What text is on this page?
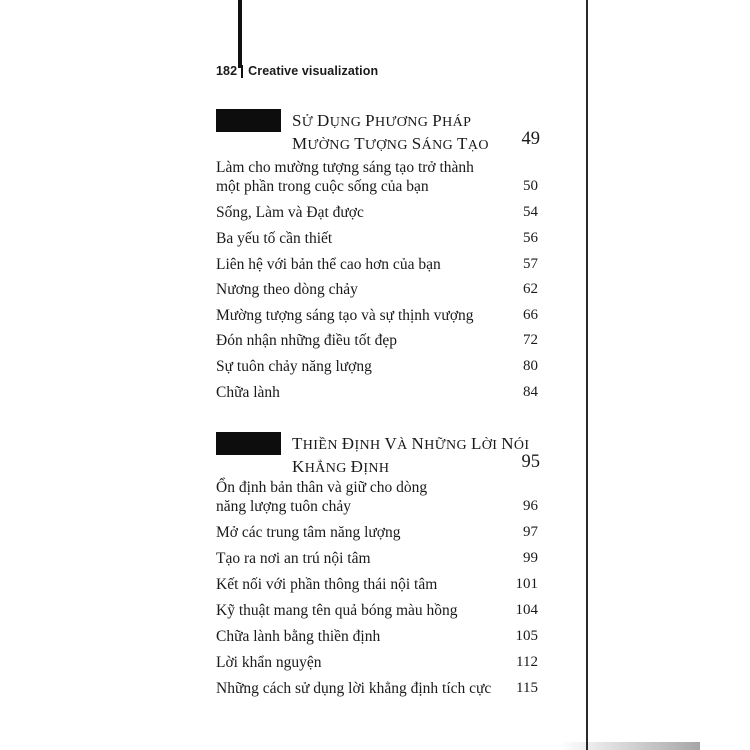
182 Creative visualization
SỬ DỤNG PHƯƠNG PHÁP
MƯỜNG TƯỢNG SÁNG TẠO 49
Làm cho mường tượng sáng tạo trở thành
một phần trong cuộc sống của bạn	50
Sống, Làm và Đạt được	54
Ba yếu tố cần thiết	56
Liên hệ với bản thể cao hơn của bạn	57
Nương theo dòng chảy	62
Mường tượng sáng tạo và sự thịnh vượng	66
Đón nhận những điều tốt đẹp	72
Sự tuôn chảy năng lượng	80
Chữa lành	84
THIỀN ĐỊNH VÀ NHỮNG LỜI NÓI
KHẲNG ĐỊNH	95
Ổn định bản thân và giữ cho dòng
năng lượng tuôn chảy	96
Mở các trung tâm năng lượng	97
Tạo ra nơi an trú nội tâm	99
Kết nối với phần thông thái nội tâm	101
Kỹ thuật mang tên quả bóng màu hồng	104
Chữa lành bằng thiền định	105
Lời khẩn nguyện	112
Những cách sử dụng lời khẳng định tích cực	115
